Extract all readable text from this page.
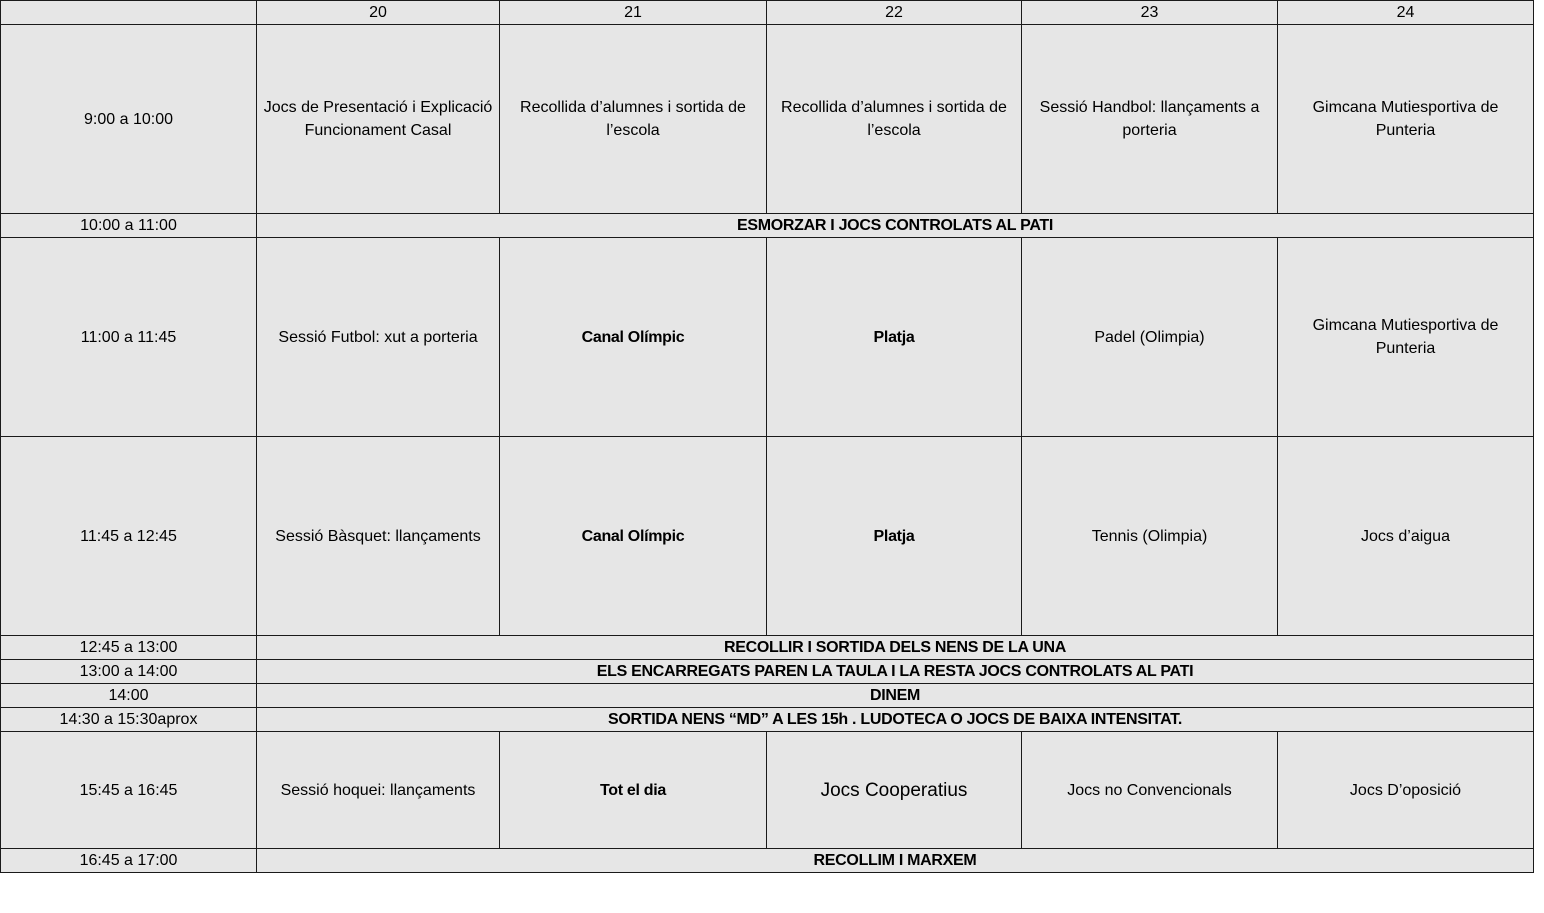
	20	21	22	23	24
9:00 a 10:00	Jocs de Presentació i Explicació Funcionament Casal	Recollida d’alumnes i sortida de l’escola	Recollida d’alumnes i sortida de l’escola	Sessió Handbol: llançaments a porteria	Gimcana Mutiesportiva de Punteria
10:00 a 11:00	ESMORZAR I JOCS CONTROLATS AL PATI				
11:00 a 11:45	Sessió Futbol: xut a porteria	Canal Olímpic	Platja	Padel (Olimpia)	Gimcana Mutiesportiva de Punteria
11:45 a 12:45	Sessió Bàsquet: llançaments	Canal Olímpic	Platja	Tennis (Olimpia)	Jocs d’aigua
12:45 a 13:00	RECOLLIR I SORTIDA DELS NENS DE LA UNA				
13:00 a 14:00	ELS ENCARREGATS PAREN LA TAULA I LA RESTA JOCS CONTROLATS AL PATI				
14:00	DINEM				
14:30 a 15:30aprox	SORTIDA NENS “MD” A LES 15h . LUDOTECA O JOCS DE BAIXA INTENSITAT.				
15:45 a 16:45	Sessió hoquei: llançaments	Tot el dia	Jocs Cooperatius	Jocs no Convencionals	Jocs D’oposició
16:45 a 17:00	RECOLLIM I MARXEM				
